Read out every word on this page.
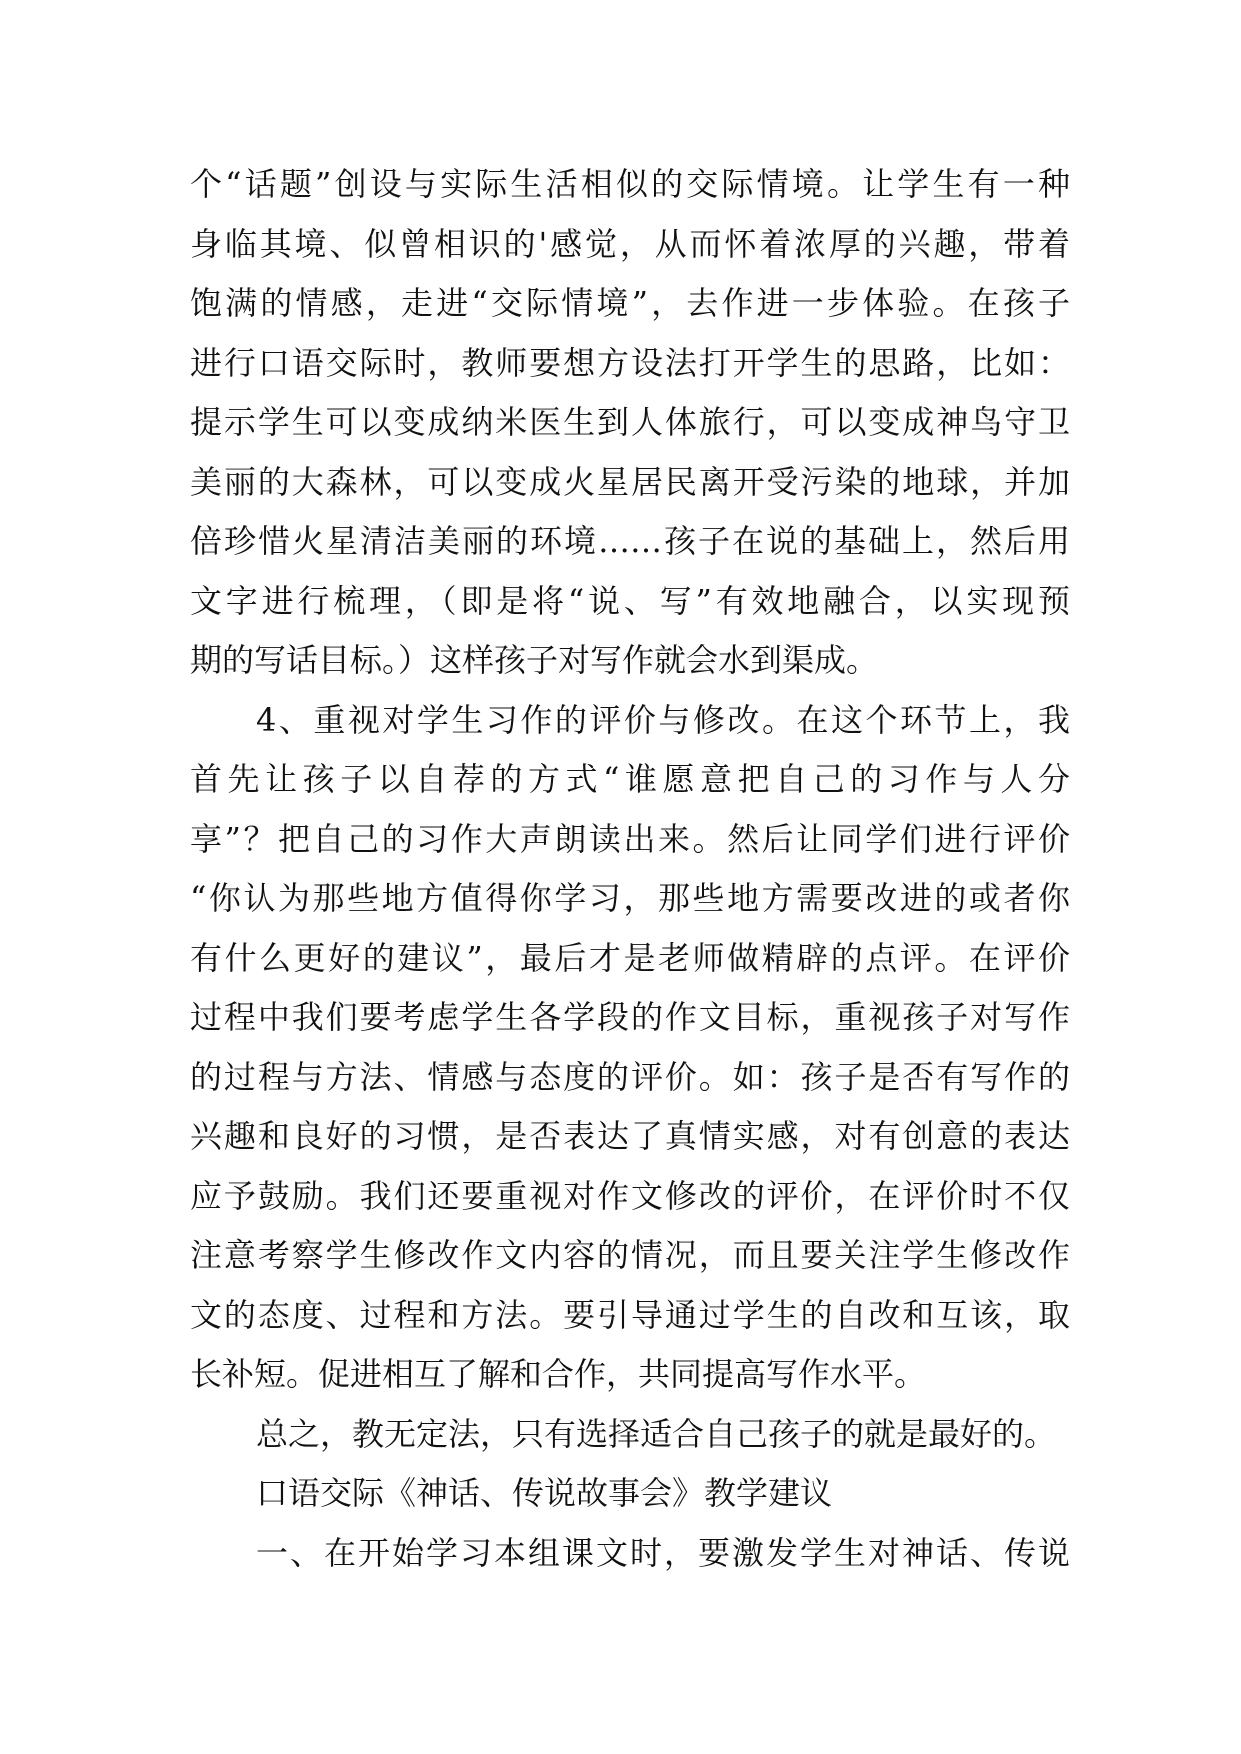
个“话题”创设与实际生活相似的交际情境。让学生有一种
身临其境、似曾相识的'感觉，从而怀着浓厚的兴趣，带着
饱满的情感，走进“交际情境”，去作进一步体验。在孩子
进行口语交际时，教师要想方设法打开学生的思路，比如：
提示学生可以变成纳米医生到人体旅行，可以变成神鸟守卫
美丽的大森林，可以变成火星居民离开受污染的地球，并加
倍珍惜火星清洁美丽的环境……孩子在说的基础上，然后用
文字进行梳理，（即是将“说、写”有效地融合，以实现预
期的写话目标。）这样孩子对写作就会水到渠成。
4、重视对学生习作的评价与修改。在这个环节上，我
首先让孩子以自荐的方式“谁愿意把自己的习作与人分
享”？把自己的习作大声朗读出来。然后让同学们进行评价
“你认为那些地方值得你学习，那些地方需要改进的或者你
有什么更好的建议”，最后才是老师做精辟的点评。在评价
过程中我们要考虑学生各学段的作文目标，重视孩子对写作
的过程与方法、情感与态度的评价。如：孩子是否有写作的
兴趣和良好的习惯，是否表达了真情实感，对有创意的表达
应予鼓励。我们还要重视对作文修改的评价，在评价时不仅
注意考察学生修改作文内容的情况，而且要关注学生修改作
文的态度、过程和方法。要引导通过学生的自改和互该，取
长补短。促进相互了解和合作，共同提高写作水平。
总之，教无定法，只有选择适合自己孩子的就是最好的。
口语交际《神话、传说故事会》教学建议
一、在开始学习本组课文时，要激发学生对神话、传说
